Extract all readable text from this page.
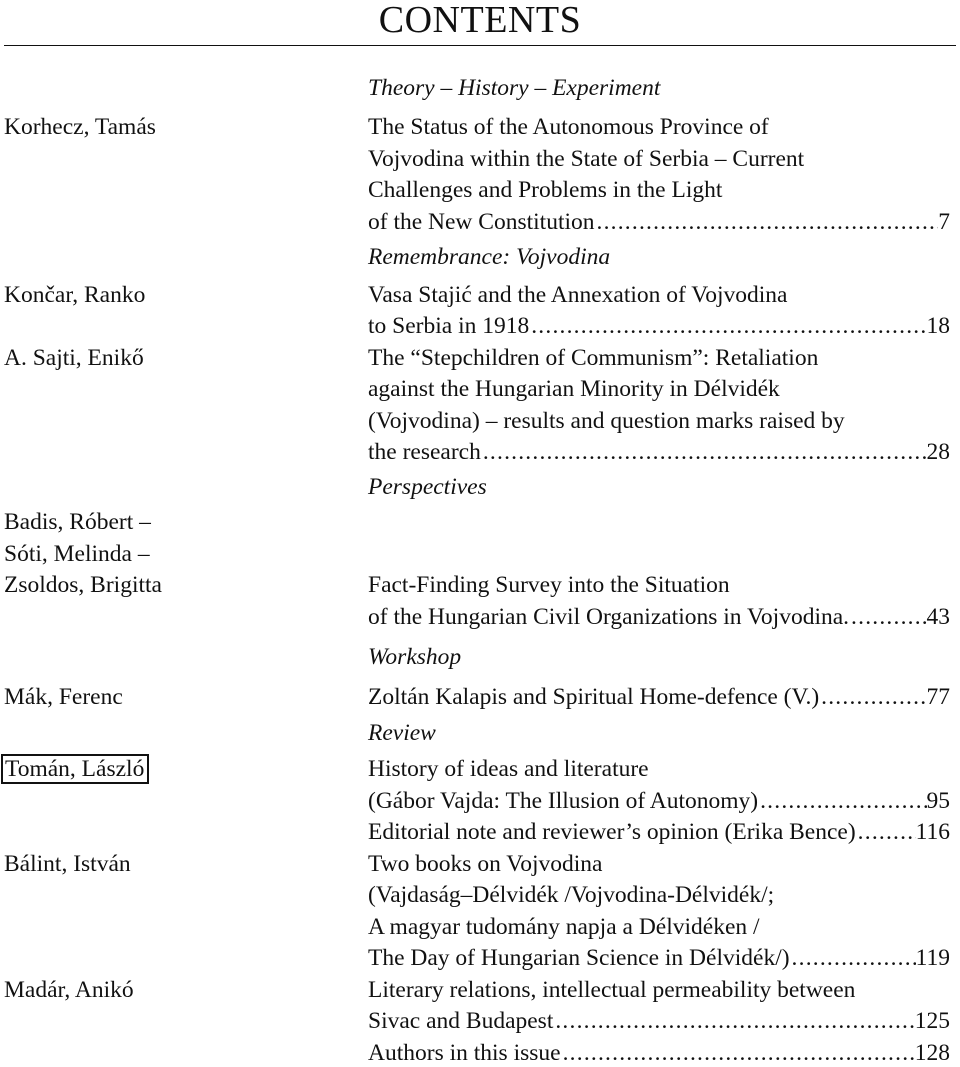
CONTENTS
Theory – History – Experiment
Korhecz, Tamás	The Status of the Autonomous Province of
Vojvodina within the State of Serbia – Current
Challenges and Problems in the Light
of the New Constitution .....	7
Remembrance: Vojvodina
Končar, Ranko	Vasa Stajić and the Annexation of Vojvodina
to Serbia in 1918 .....	18
A. Sajti, Enikő	The “Stepchildren of Communism”: Retaliation
against the Hungarian Minority in Délvidék
(Vojvodina) – results and question marks raised by
the research .....	28
Perspectives
Badis, Róbert –
Sóti, Melinda –
Zsoldos, Brigitta	Fact-Finding Survey into the Situation
of the Hungarian Civil Organizations in Vojvodina. .....	43
Workshop
Mák, Ferenc	Zoltán Kalapis and Spiritual Home-defence (V.) .....	77
Review
Tomán, László	History of ideas and literature
(Gábor Vajda: The Illusion of Autonomy) .....	95
Editorial note and reviewer’s opinion (Erika Bence) .....	116
Bálint, István	Two books on Vojvodina
(Vajdaság–Délvidék /Vojvodina-Délvidék/;
A magyar tudomány napja a Délvidéken /
The Day of Hungarian Science in Délvidék/) .....	119
Madár, Anikó	Literary relations, intellectual permeability between
Sivac and Budapest .....	125
Authors in this issue .....	128
